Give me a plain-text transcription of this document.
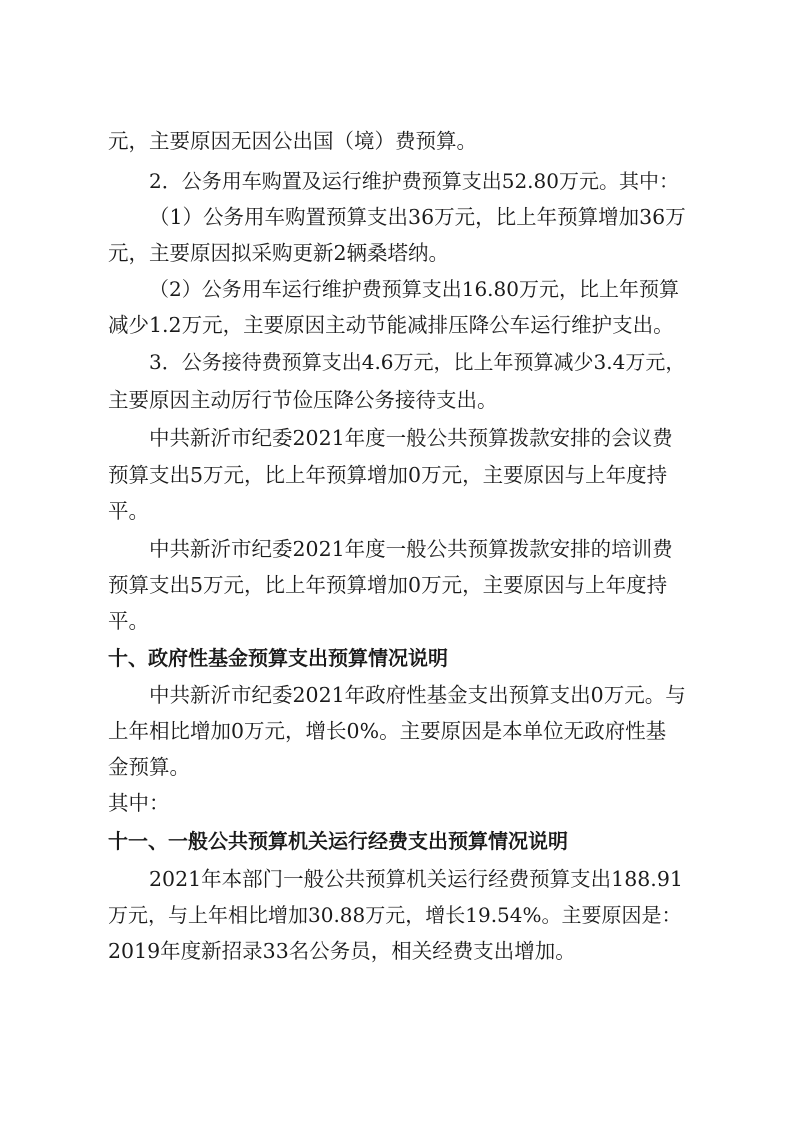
元，主要原因无因公出国（境）费预算。
2．公务用车购置及运行维护费预算支出52.80万元。其中：
（1）公务用车购置预算支出36万元，比上年预算增加36万
元，主要原因拟采购更新2辆桑塔纳。
（2）公务用车运行维护费预算支出16.80万元，比上年预算
减少1.2万元，主要原因主动节能减排压降公车运行维护支出。
3．公务接待费预算支出4.6万元，比上年预算减少3.4万元，
主要原因主动厉行节俭压降公务接待支出。
中共新沂市纪委2021年度一般公共预算拨款安排的会议费
预算支出5万元，比上年预算增加0万元，主要原因与上年度持
平。
中共新沂市纪委2021年度一般公共预算拨款安排的培训费
预算支出5万元，比上年预算增加0万元，主要原因与上年度持
平。
十、政府性基金预算支出预算情况说明
中共新沂市纪委2021年政府性基金支出预算支出0万元。与
上年相比增加0万元，增长0%。主要原因是本单位无政府性基
金预算。
其中：
十一、一般公共预算机关运行经费支出预算情况说明
2021年本部门一般公共预算机关运行经费预算支出188.91
万元，与上年相比增加30.88万元，增长19.54%。主要原因是：
2019年度新招录33名公务员，相关经费支出增加。
